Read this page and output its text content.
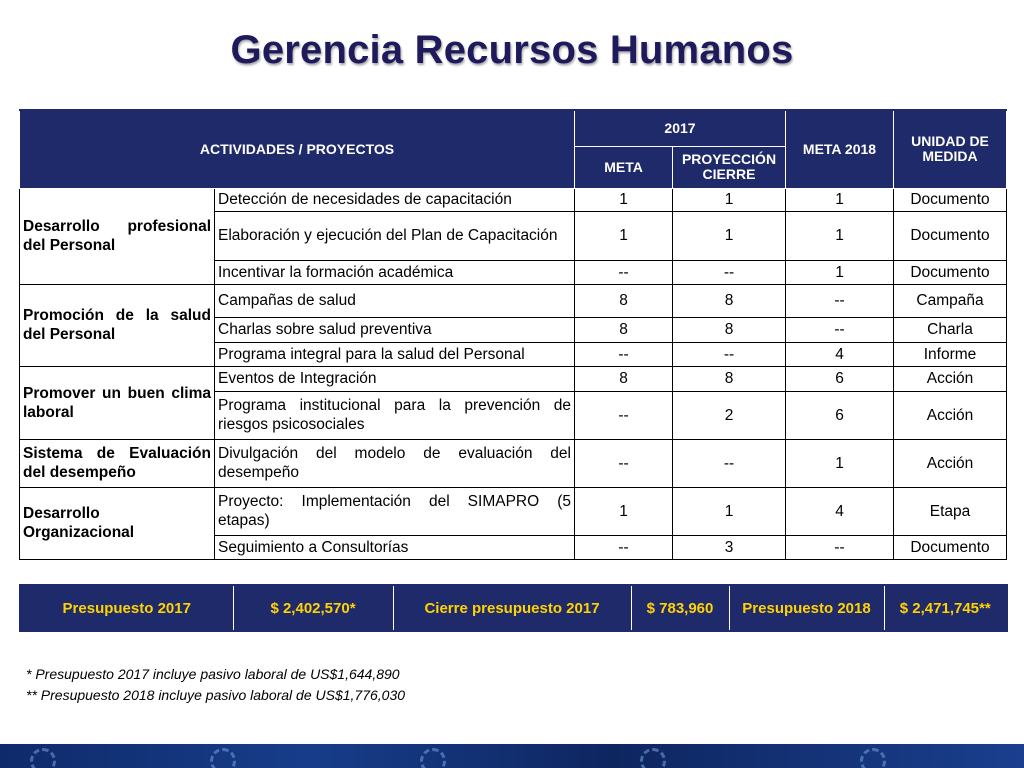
Gerencia Recursos Humanos
ACTIVIDADES / PROYECTOS		2017		META 2018	UNIDAD DE MEDIDA
		META	PROYECCIÓN CIERRE		
Desarrollo profesional del Personal	Detección de necesidades de capacitación	1	1	1	Documento
	Elaboración y ejecución del Plan de Capacitación	1	1	1	Documento
	Incentivar la formación académica	--	--	1	Documento
Promoción de la salud del Personal	Campañas de salud	8	8	--	Campaña
	Charlas sobre salud preventiva	8	8	--	Charla
	Programa integral para la salud del Personal	--	--	4	Informe
Promover un buen clima laboral	Eventos de Integración	8	8	6	Acción
	Programa institucional para la prevención de riesgos psicosociales	--	2	6	Acción
Sistema de Evaluación del desempeño	Divulgación del modelo de evaluación del desempeño	--	--	1	Acción
Desarrollo Organizacional	Proyecto: Implementación del SIMAPRO (5 etapas)	1	1	4	Etapa
	Seguimiento a Consultorías	--	3	--	Documento
Presupuesto 2017	$ 2,402,570*	Cierre presupuesto 2017	$ 783,960	Presupuesto 2018	$ 2,471,745**
* Presupuesto 2017 incluye pasivo laboral de US$1,644,890
** Presupuesto 2018 incluye pasivo laboral de US$1,776,030
